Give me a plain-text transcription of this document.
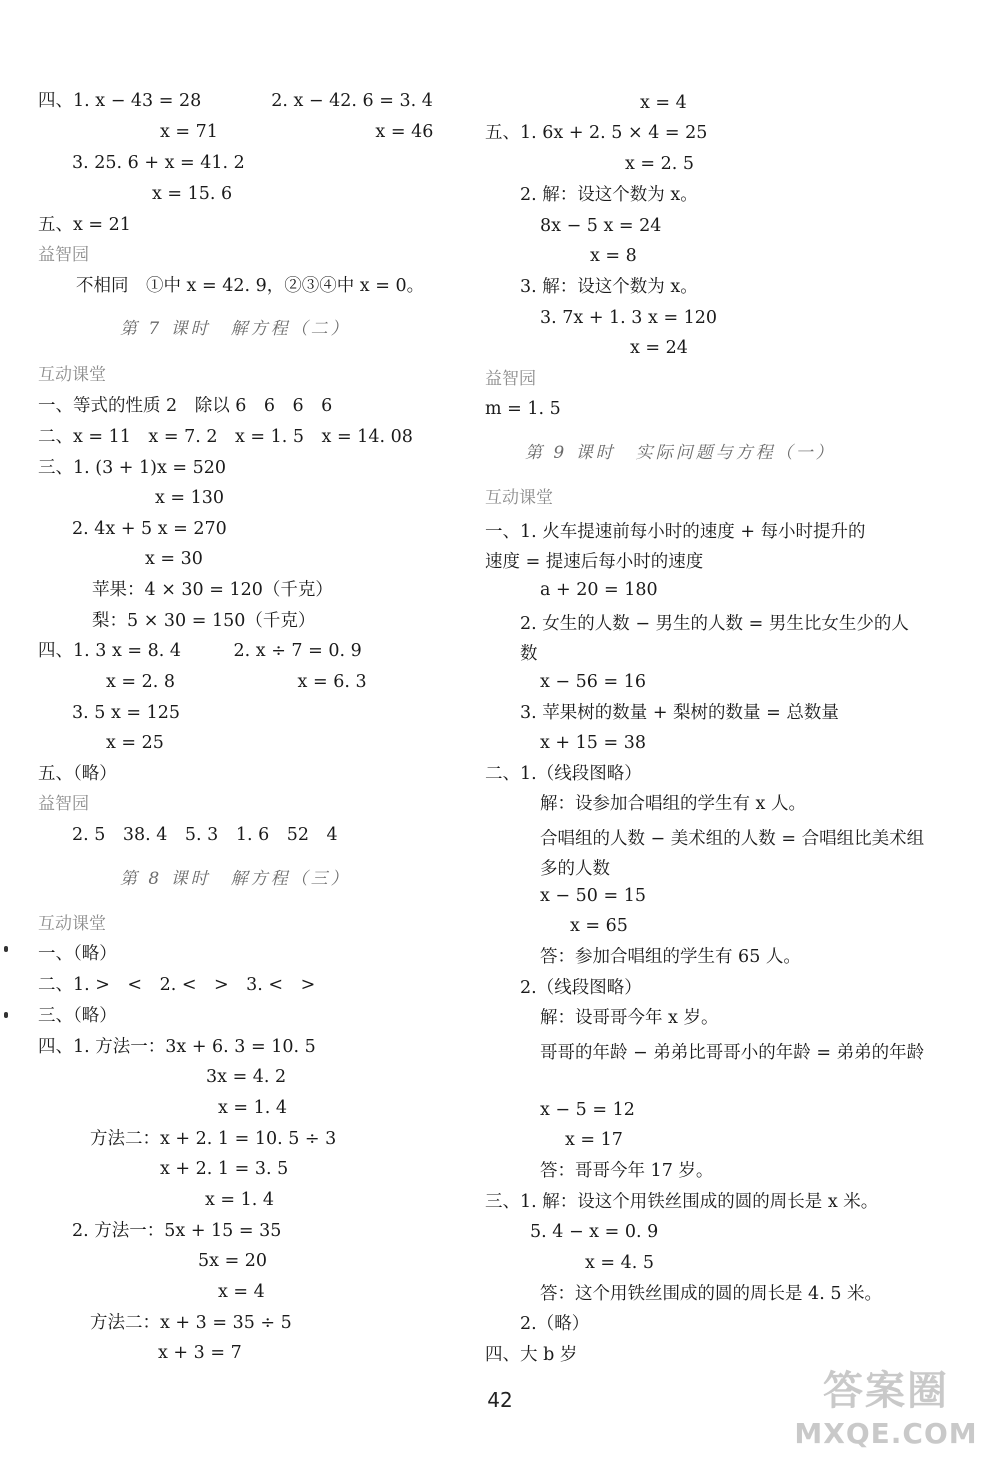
四、1. x − 43 = 28　　　　2. x − 42. 6 = 3. 4
x = 71　　　　　　　　　x = 46
3. 25. 6 + x = 41. 2
x = 15. 6
五、x = 21
益智园
不相同　①中 x = 42. 9，②③④中 x = 0。
第 7 课时　解方程（二）
互动课堂
一、等式的性质 2　除以 6　6　6　6
二、x = 11　x = 7. 2　x = 1. 5　x = 14. 08
三、1. (3 + 1)x = 520
x = 130
2. 4x + 5 x = 270
x = 30
苹果：4 × 30 = 120（千克）
梨：5 × 30 = 150（千克）
四、1. 3 x = 8. 4　　　2. x ÷ 7 = 0. 9
x = 2. 8　　　　　　　x = 6. 3
3. 5 x = 125
x = 25
五、（略）
益智园
2. 5　38. 4　5. 3　1. 6　52　4
第 8 课时　解方程（三）
互动课堂
一、（略）
二、1. >　<　2. <　>　3. <　>
三、（略）
四、1. 方法一：3x + 6. 3 = 10. 5
3x = 4. 2
x = 1. 4
方法二：x + 2. 1 = 10. 5 ÷ 3
x + 2. 1 = 3. 5
x = 1. 4
2. 方法一：5x + 15 = 35
5x = 20
x = 4
方法二：x + 3 = 35 ÷ 5
x + 3 = 7
x = 4
五、1. 6x + 2. 5 × 4 = 25
x = 2. 5
2. 解：设这个数为 x。
8x − 5 x = 24
x = 8
3. 解：设这个数为 x。
3. 7x + 1. 3 x = 120
x = 24
益智园
m = 1. 5
第 9 课时　实际问题与方程（一）
互动课堂
一、1. 火车提速前每小时的速度 + 每小时提升的速度 = 提速后每小时的速度
a + 20 = 180
2. 女生的人数 − 男生的人数 = 男生比女生少的人数
x − 56 = 16
3. 苹果树的数量 + 梨树的数量 = 总数量
x + 15 = 38
二、1.（线段图略）
解：设参加合唱组的学生有 x 人。
合唱组的人数 − 美术组的人数 = 合唱组比美术组多的人数
x − 50 = 15
x = 65
答：参加合唱组的学生有 65 人。
2.（线段图略）
解：设哥哥今年 x 岁。
哥哥的年龄 − 弟弟比哥哥小的年龄 = 弟弟的年龄
x − 5 = 12
x = 17
答：哥哥今年 17 岁。
三、1. 解：设这个用铁丝围成的圆的周长是 x 米。
5. 4 − x = 0. 9
x = 4. 5
答：这个用铁丝围成的圆的周长是 4. 5 米。
2.（略）
四、大 b 岁
42	答案圈
MXQE.COM
